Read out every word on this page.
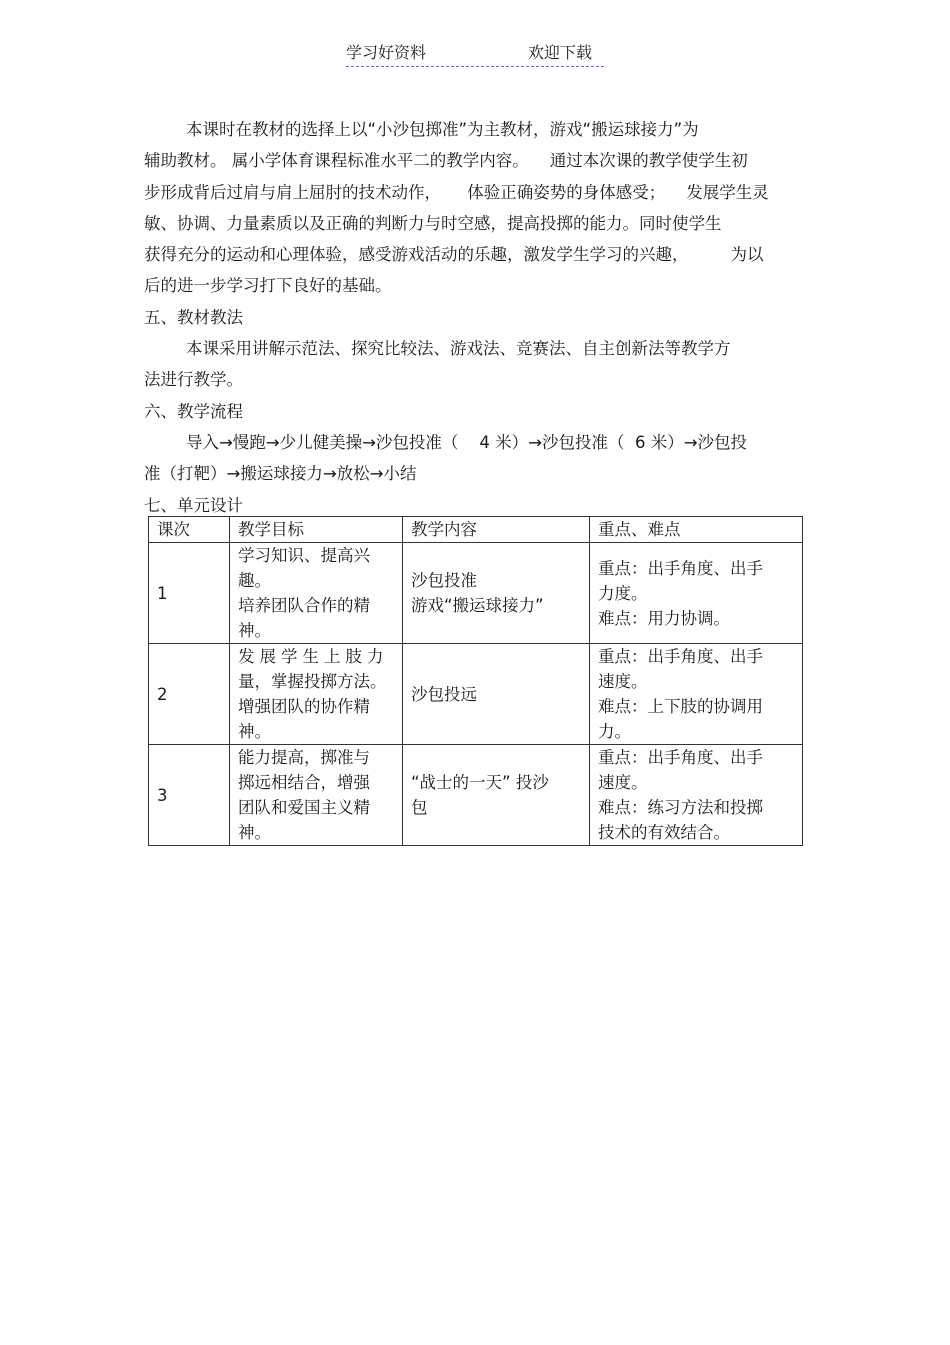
学习好资料	欢迎下载

本课时在教材的选择上以“小沙包掷准”为主教材，游戏“搬运球接力”为
辅助教材。 属小学体育课程标准水平二的教学内容。    通过本次课的教学使学生初
步形成背后过肩与肩上屈肘的技术动作，     体验正确姿势的身体感受；    发展学生灵
敏、协调、力量素质以及正确的判断力与时空感，提高投掷的能力。同时使学生
获得充分的运动和心理体验，感受游戏活动的乐趣，激发学生学习的兴趣，        为以
后的进一步学习打下良好的基础。

五、教材教法

本课采用讲解示范法、探究比较法、游戏法、竞赛法、自主创新法等教学方
法进行教学。

六、教学流程

导入→慢跑→少儿健美操→沙包投准（    4 米）→沙包投准（  6 米）→沙包投
准（打靶）→搬运球接力→放松→小结

七、单元设计
课次	教学目标	教学内容	重点、难点
1	学习知识、提高兴
趣。
培养团队合作的精
神。	沙包投准
游戏“搬运球接力”	重点：出手角度、出手
力度。
难点：用力协调。

2	发展学生上肢力
量，掌握投掷方法。
增强团队的协作精
神。	沙包投远	重点：出手角度、出手
速度。
难点：上下肢的协调用
力。

3	能力提高，掷准与
掷远相结合，增强
团队和爱国主义精
神。	“战士的一天” 投沙
包	重点：出手角度、出手
速度。
难点：练习方法和投掷
技术的有效结合。
